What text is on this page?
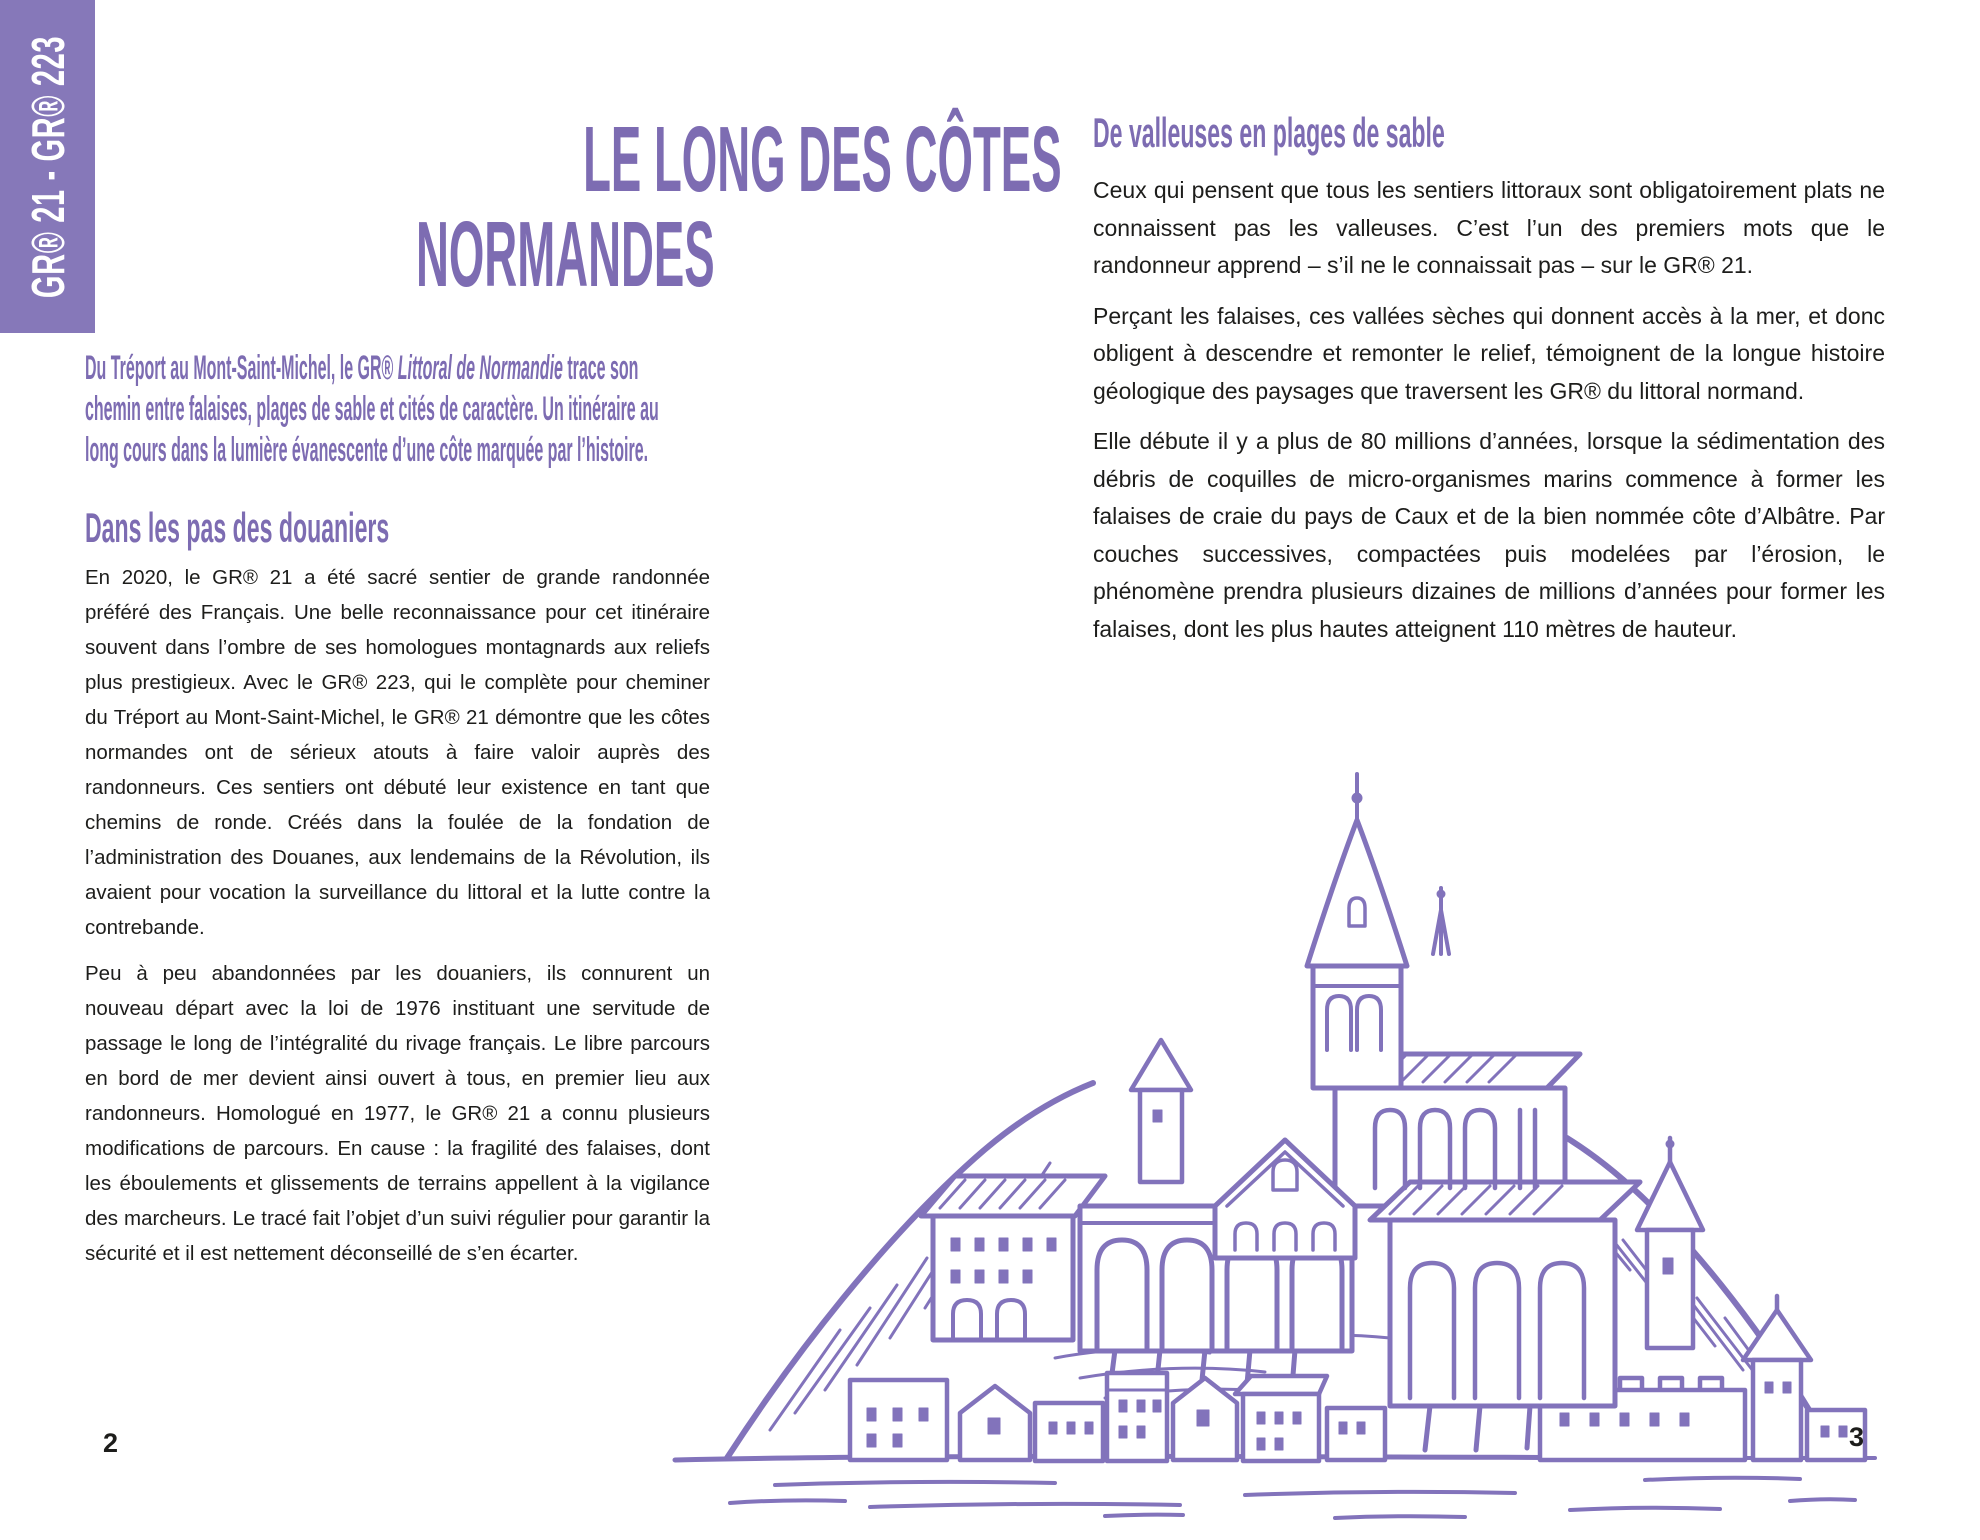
GR® 21 - GR® 223	LE LONG DES CÔTES
NORMANDES
Du Tréport au Mont-Saint-Michel, le GR® Littoral de Normandie trace son
chemin entre falaises, plages de sable et cités de caractère. Un itinéraire au
long cours dans la lumière évanescente d’une côte marquée par l’histoire.
Dans les pas des douaniers

En 2020, le GR® 21 a été sacré sentier de grande randonnée préféré des Français. Une belle reconnaissance pour cet itinéraire souvent dans l’ombre de ses homologues montagnards aux reliefs plus prestigieux. Avec le GR® 223, qui le complète pour cheminer du Tréport au Mont-Saint-Michel, le GR® 21 démontre que les côtes normandes ont de sérieux atouts à faire valoir auprès des randonneurs. Ces sentiers ont débuté leur existence en tant que chemins de ronde. Créés dans la foulée de la fondation de l’administration des Douanes, aux lendemains de la Révolution, ils avaient pour vocation la surveillance du littoral et la lutte contre la contrebande.

Peu à peu abandonnées par les douaniers, ils connurent un nouveau départ avec la loi de 1976 instituant une servitude de passage le long de l’intégralité du rivage français. Le libre parcours en bord de mer devient ainsi ouvert à tous, en premier lieu aux randonneurs. Homologué en 1977, le GR® 21 a connu plusieurs modifications de parcours. En cause : la fragilité des falaises, dont les éboulements et glissements de terrains appellent à la vigilance des marcheurs. Le tracé fait l’objet d’un suivi régulier pour garantir la sécurité et il est nettement déconseillé de s’en écarter.

De valleuses en plages de sable

Ceux qui pensent que tous les sentiers littoraux sont obligatoirement plats ne connaissent pas les valleuses. C’est l’un des premiers mots que le randonneur apprend – s’il ne le connaissait pas – sur le GR® 21.

Perçant les falaises, ces vallées sèches qui donnent accès à la mer, et donc obligent à descendre et remonter le relief, témoignent de la longue histoire géologique des paysages que traversent les GR® du littoral normand.

Elle débute il y a plus de 80 millions d’années, lorsque la sédimentation des débris de coquilles de micro-organismes marins commence à former les falaises de craie du pays de Caux et de la bien nommée côte d’Albâtre. Par couches successives, compactées puis modelées par l’érosion, le phénomène prendra plusieurs dizaines de millions d’années pour former les falaises, dont les plus hautes atteignent 110 mètres de hauteur.

2	3
